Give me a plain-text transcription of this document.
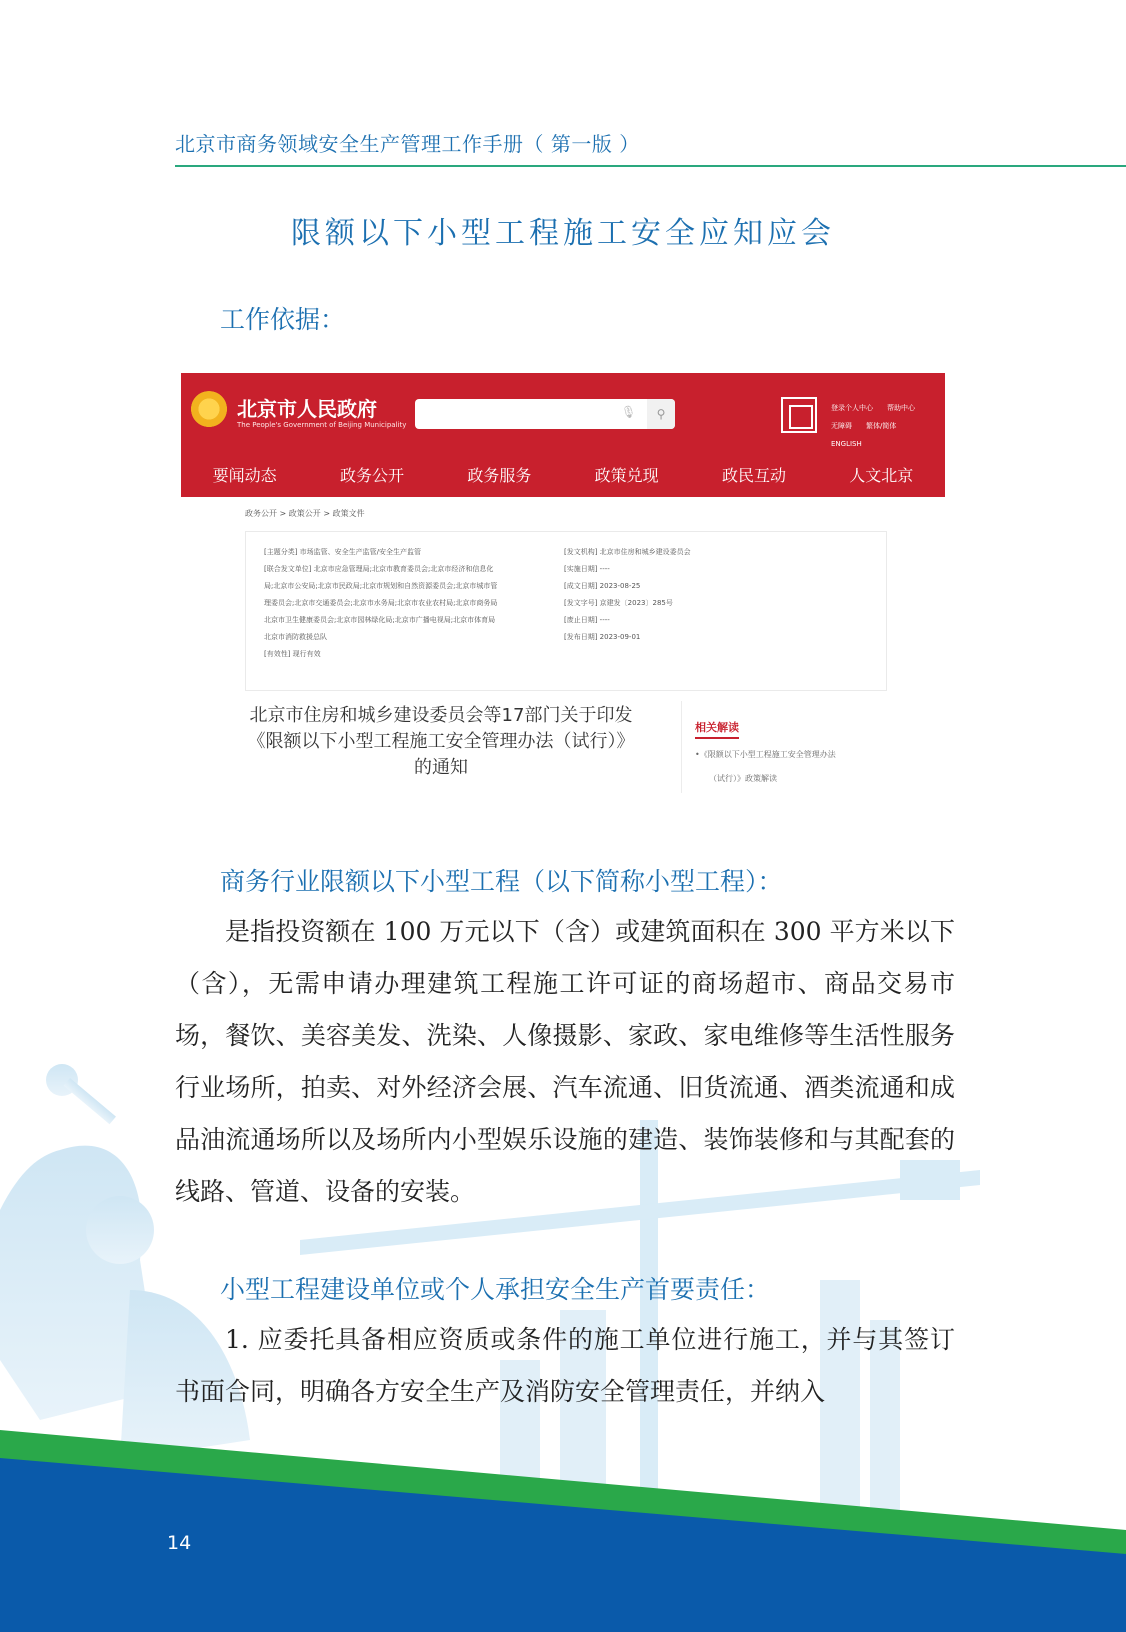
北京市商务领域安全生产管理工作手册（ 第一版 ）
限额以下小型工程施工安全应知应会
工作依据：
北京市人民政府
The People's Government of Beijing Municipality
🎙	⚲	登录个人中心 帮助中心
无障碍 繁体/简体ENGLISH
要闻动态	政务公开	政务服务	政策兑现	政民互动	人文北京
政务公开 > 政策公开 > 政策文件
[主题分类] 市场监管、安全生产监管/安全生产监管
[联合发文单位] 北京市应急管理局;北京市教育委员会;北京市经济和信息化
局;北京市公安局;北京市民政局;北京市规划和自然资源委员会;北京市城市管
理委员会;北京市交通委员会;北京市水务局;北京市农业农村局;北京市商务局
北京市卫生健康委员会;北京市园林绿化局;北京市广播电视局;北京市体育局
北京市消防救援总队
[有效性] 现行有效
[发文机构] 北京市住房和城乡建设委员会
[实施日期] ----
[成文日期] 2023-08-25
[发文字号] 京建发〔2023〕285号
[废止日期] ----
[发布日期] 2023-09-01
北京市住房和城乡建设委员会等17部门关于印发
《限额以下小型工程施工安全管理办法（试行）》
的通知
相关解读
•《限额以下小型工程施工安全管理办法
（试行）》政策解读
商务行业限额以下小型工程（以下简称小型工程）：

是指投资额在 100 万元以下（含）或建筑面积在 300 平方米以下（含），无需申请办理建筑工程施工许可证的商场超市、商品交易市场，餐饮、美容美发、洗染、人像摄影、家政、家电维修等生活性服务行业场所，拍卖、对外经济会展、汽车流通、旧货流通、酒类流通和成品油流通场所以及场所内小型娱乐设施的建造、装饰装修和与其配套的线路、管道、设备的安装。

小型工程建设单位或个人承担安全生产首要责任：

1. 应委托具备相应资质或条件的施工单位进行施工，并与其签订书面合同，明确各方安全生产及消防安全管理责任，并纳入

14
